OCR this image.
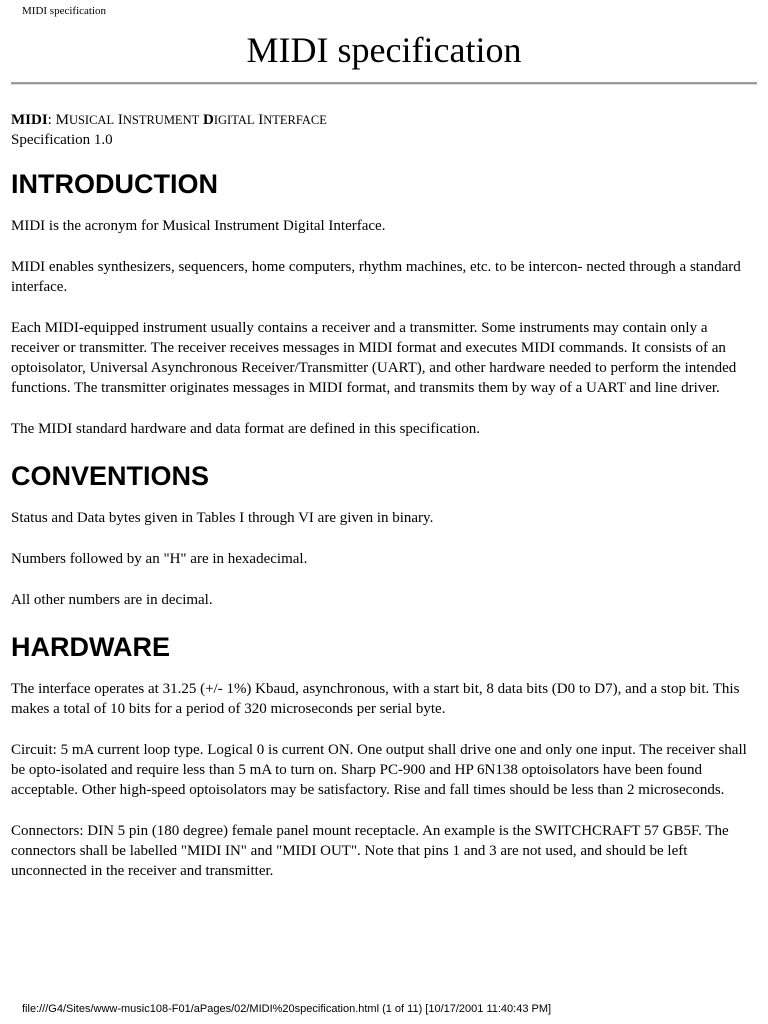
MIDI specification
MIDI specification

MIDI: MUSICAL INSTRUMENT DIGITAL INTERFACE

Specification 1.0

INTRODUCTION

MIDI is the acronym for Musical Instrument Digital Interface.

MIDI enables synthesizers, sequencers, home computers, rhythm machines, etc. to be intercon- nected through a standard interface.

Each MIDI-equipped instrument usually contains a receiver and a transmitter. Some instruments may contain only a receiver or transmitter. The receiver receives messages in MIDI format and executes MIDI commands. It consists of an optoisolator, Universal Asynchronous Receiver/Transmitter (UART), and other hardware needed to perform the intended functions. The transmitter originates messages in MIDI format, and transmits them by way of a UART and line driver.

The MIDI standard hardware and data format are defined in this specification.

CONVENTIONS

Status and Data bytes given in Tables I through VI are given in binary.

Numbers followed by an "H" are in hexadecimal.

All other numbers are in decimal.

HARDWARE

The interface operates at 31.25 (+/- 1%) Kbaud, asynchronous, with a start bit, 8 data bits (D0 to D7), and a stop bit. This makes a total of 10 bits for a period of 320 microseconds per serial byte.

Circuit: 5 mA current loop type. Logical 0 is current ON. One output shall drive one and only one input. The receiver shall be opto-isolated and require less than 5 mA to turn on. Sharp PC-900 and HP 6N138 optoisolators have been found acceptable. Other high-speed optoisolators may be satisfactory. Rise and fall times should be less than 2 microseconds.

Connectors: DIN 5 pin (180 degree) female panel mount receptacle. An example is the SWITCHCRAFT 57 GB5F. The connectors shall be labelled "MIDI IN" and "MIDI OUT". Note that pins 1 and 3 are not used, and should be left unconnected in the receiver and transmitter.

file:///G4/Sites/www-music108-F01/aPages/02/MIDI%20specification.html (1 of 11) [10/17/2001 11:40:43 PM]
